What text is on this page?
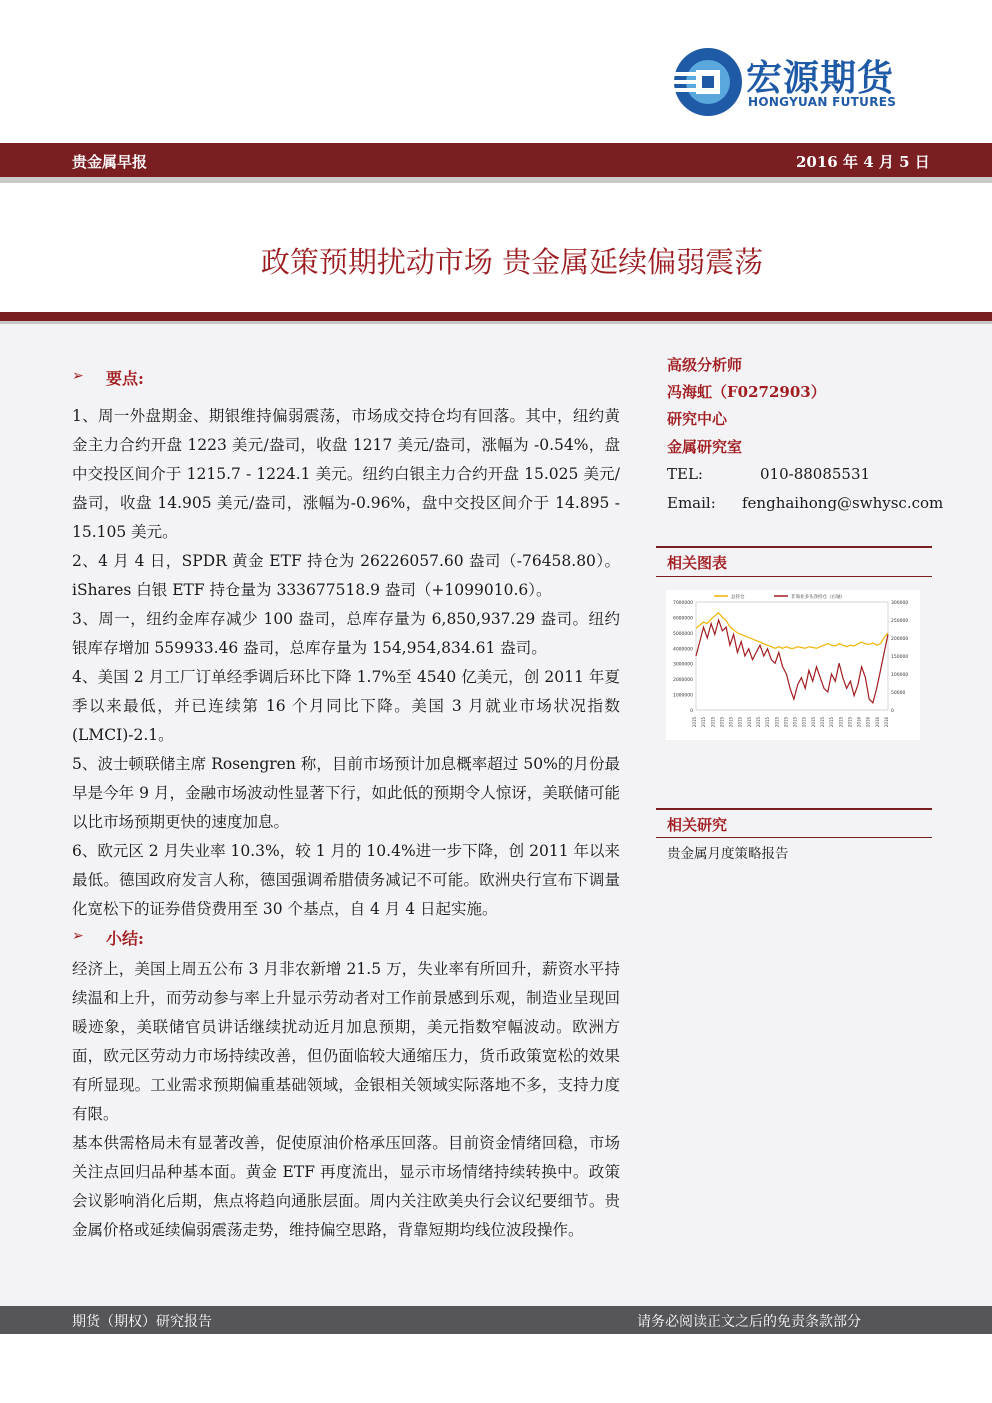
宏源期货
HONGYUAN FUTURES
贵金属早报	2016 年 4 月 5 日
政策预期扰动市场 贵金属延续偏弱震荡
➢ 要点:

1、周一外盘期金、期银维持偏弱震荡，市场成交持仓均有回落。其中，纽约黄金主力合约开盘 1223 美元/盎司，收盘 1217 美元/盎司，涨幅为 -0.54%，盘中交投区间介于 1215.7 - 1224.1 美元。纽约白银主力合约开盘 15.025 美元/盎司，收盘 14.905 美元/盎司，涨幅为-0.96%，盘中交投区间介于 14.895 - 15.105 美元。

2、4 月 4 日，SPDR 黄金 ETF 持仓为 26226057.60 盎司（-76458.80）。iShares 白银 ETF 持仓量为 333677518.9 盎司（+1099010.6）。

3、周一，纽约金库存减少 100 盎司，总库存量为 6,850,937.29 盎司。纽约银库存增加 559933.46 盎司，总库存量为 154,954,834.61 盎司。

4、美国 2 月工厂订单经季调后环比下降 1.7%至 4540 亿美元，创 2011 年夏季以来最低，并已连续第 16 个月同比下降。美国 3 月就业市场状况指数(LMCI)-2.1。

5、波士顿联储主席 Rosengren 称，目前市场预计加息概率超过 50%的月份最早是今年 9 月，金融市场波动性显著下行，如此低的预期令人惊讶，美联储可能以比市场预期更快的速度加息。

6、欧元区 2 月失业率 10.3%，较 1 月的 10.4%进一步下降，创 2011 年以来最低。德国政府发言人称，德国强调希腊债务减记不可能。欧洲央行宣布下调量化宽松下的证券借贷费用至 30 个基点，自 4 月 4 日起实施。

➢ 小结:

经济上，美国上周五公布 3 月非农新增 21.5 万，失业率有所回升，薪资水平持续温和上升，而劳动参与率上升显示劳动者对工作前景感到乐观，制造业呈现回暖迹象，美联储官员讲话继续扰动近月加息预期，美元指数窄幅波动。欧洲方面，欧元区劳动力市场持续改善，但仍面临较大通缩压力，货币政策宽松的效果有所显现。工业需求预期偏重基础领域，金银相关领域实际落地不多，支持力度有限。

基本供需格局未有显著改善，促使原油价格承压回落。目前资金情绪回稳，市场关注点回归品种基本面。黄金 ETF 再度流出，显示市场情绪持续转换中。政策会议影响消化后期，焦点将趋向通胀层面。周内关注欧美央行会议纪要细节。贵金属价格或延续偏弱震荡走势，维持偏空思路，背靠短期均线位波段操作。

高级分析师
冯海虹（F0272903）
研究中心
金属研究室
TEL:	010-88085531
Email: fenghaihong@swhysc.com
相关图表
7000000
6000000
5000000
4000000
3000000
2000000
1000000
0
300000
250000
200000
150000
100000
50000
0
2015 2015 2015 2015 2015 2015 2015 2015 2015 2015 2015 2015 2015 2015 2015 2015 2015 2015 2016 2016 2016 2016
总持仓	非商业多头净持仓（右轴）
相关研究
贵金属月度策略报告
期货（期权）研究报告	请务必阅读正文之后的免责条款部分
